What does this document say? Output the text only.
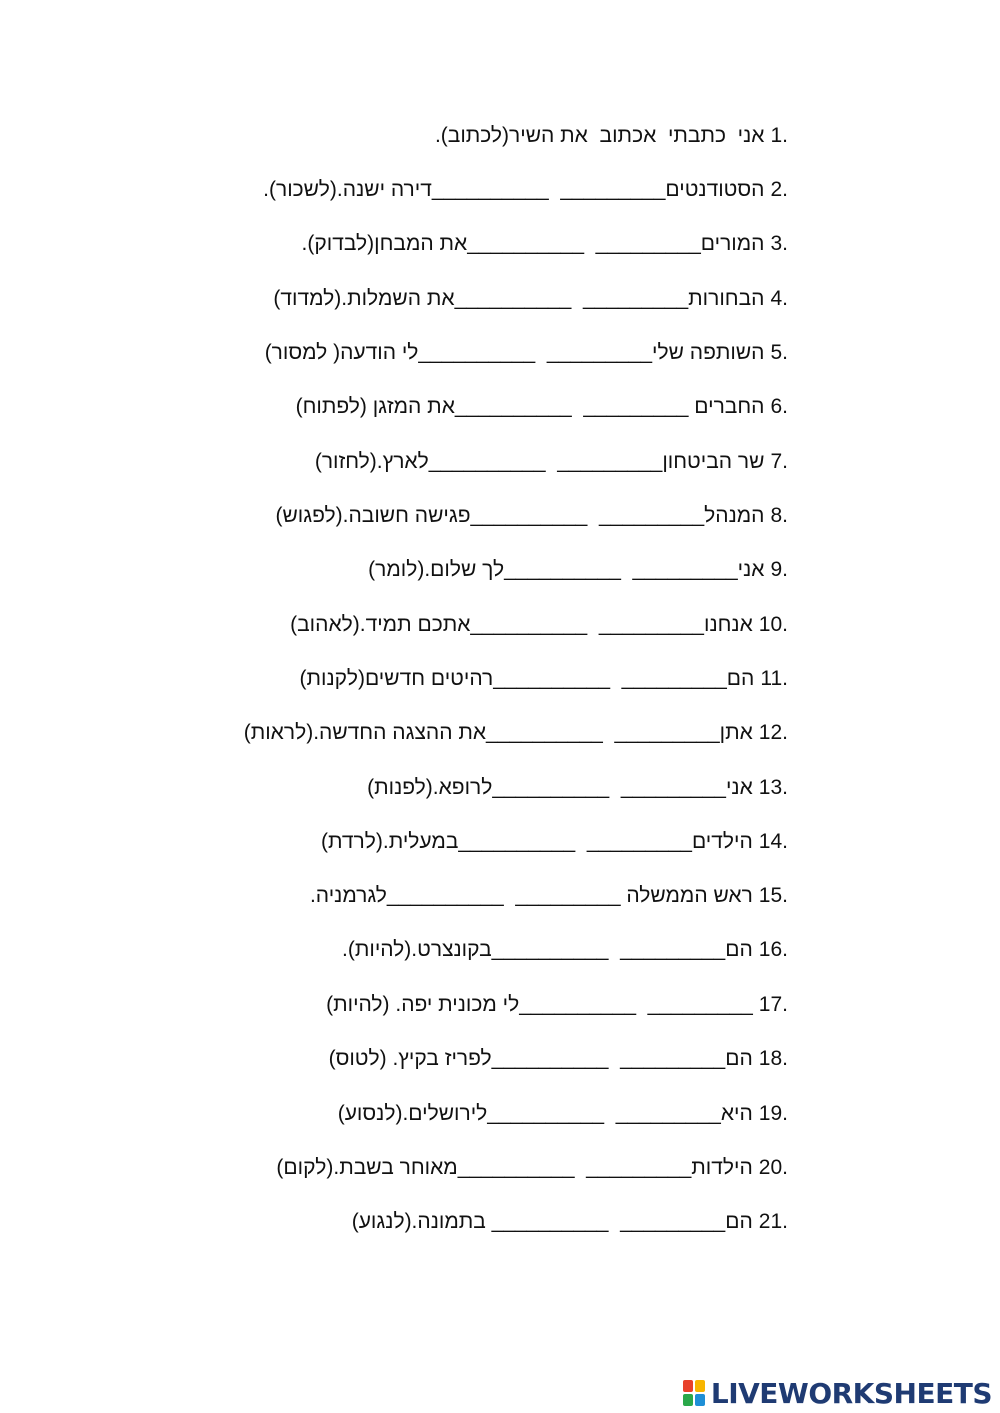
אני  כתבתי  אכתוב  את השיר(לכתוב). 1.
הסטודנטים_________  __________דירה ישנה.(לשכור). 2.
המורים_________  __________את המבחן(לבדוק). 3.
הבחורות_________  __________את השמלות.(למדוד) 4.
השותפה שלי_________  __________לי הודעה( למסור) 5.
החברים _________  __________את המזגן (לפתוח) 6.
שר הביטחון_________  __________לארץ.(לחזור) 7.
המנהל_________  __________פגישה חשובה.(לפגוש) 8.
אני_________  __________לך שלום.(לומר) 9.
אנחנו_________  __________אתכם תמיד.(לאהוב) 10.
הם_________  __________רהיטים חדשים(לקנות) 11.
אתן_________  __________את ההצגה החדשה.(לראות) 12.
אני_________  __________לרופא.(לפנות) 13.
הילדים_________  __________במעלית.(לרדת) 14.
ראש הממשלה _________  __________לגרמניה. 15.
הם_________  __________בקונצרט.(להיות). 16.
_________  __________לי מכונית יפה. (להיות) 17.
הם_________  __________לפריז בקיץ. (לטוס) 18.
היא_________  __________לירושלים.(לנסוע) 19.
הילדות_________  __________מאוחר בשבת.(לקום) 20.
הם_________  __________ בתמונה.(לנגוע) 21.
LIVEWORKSHEETS
